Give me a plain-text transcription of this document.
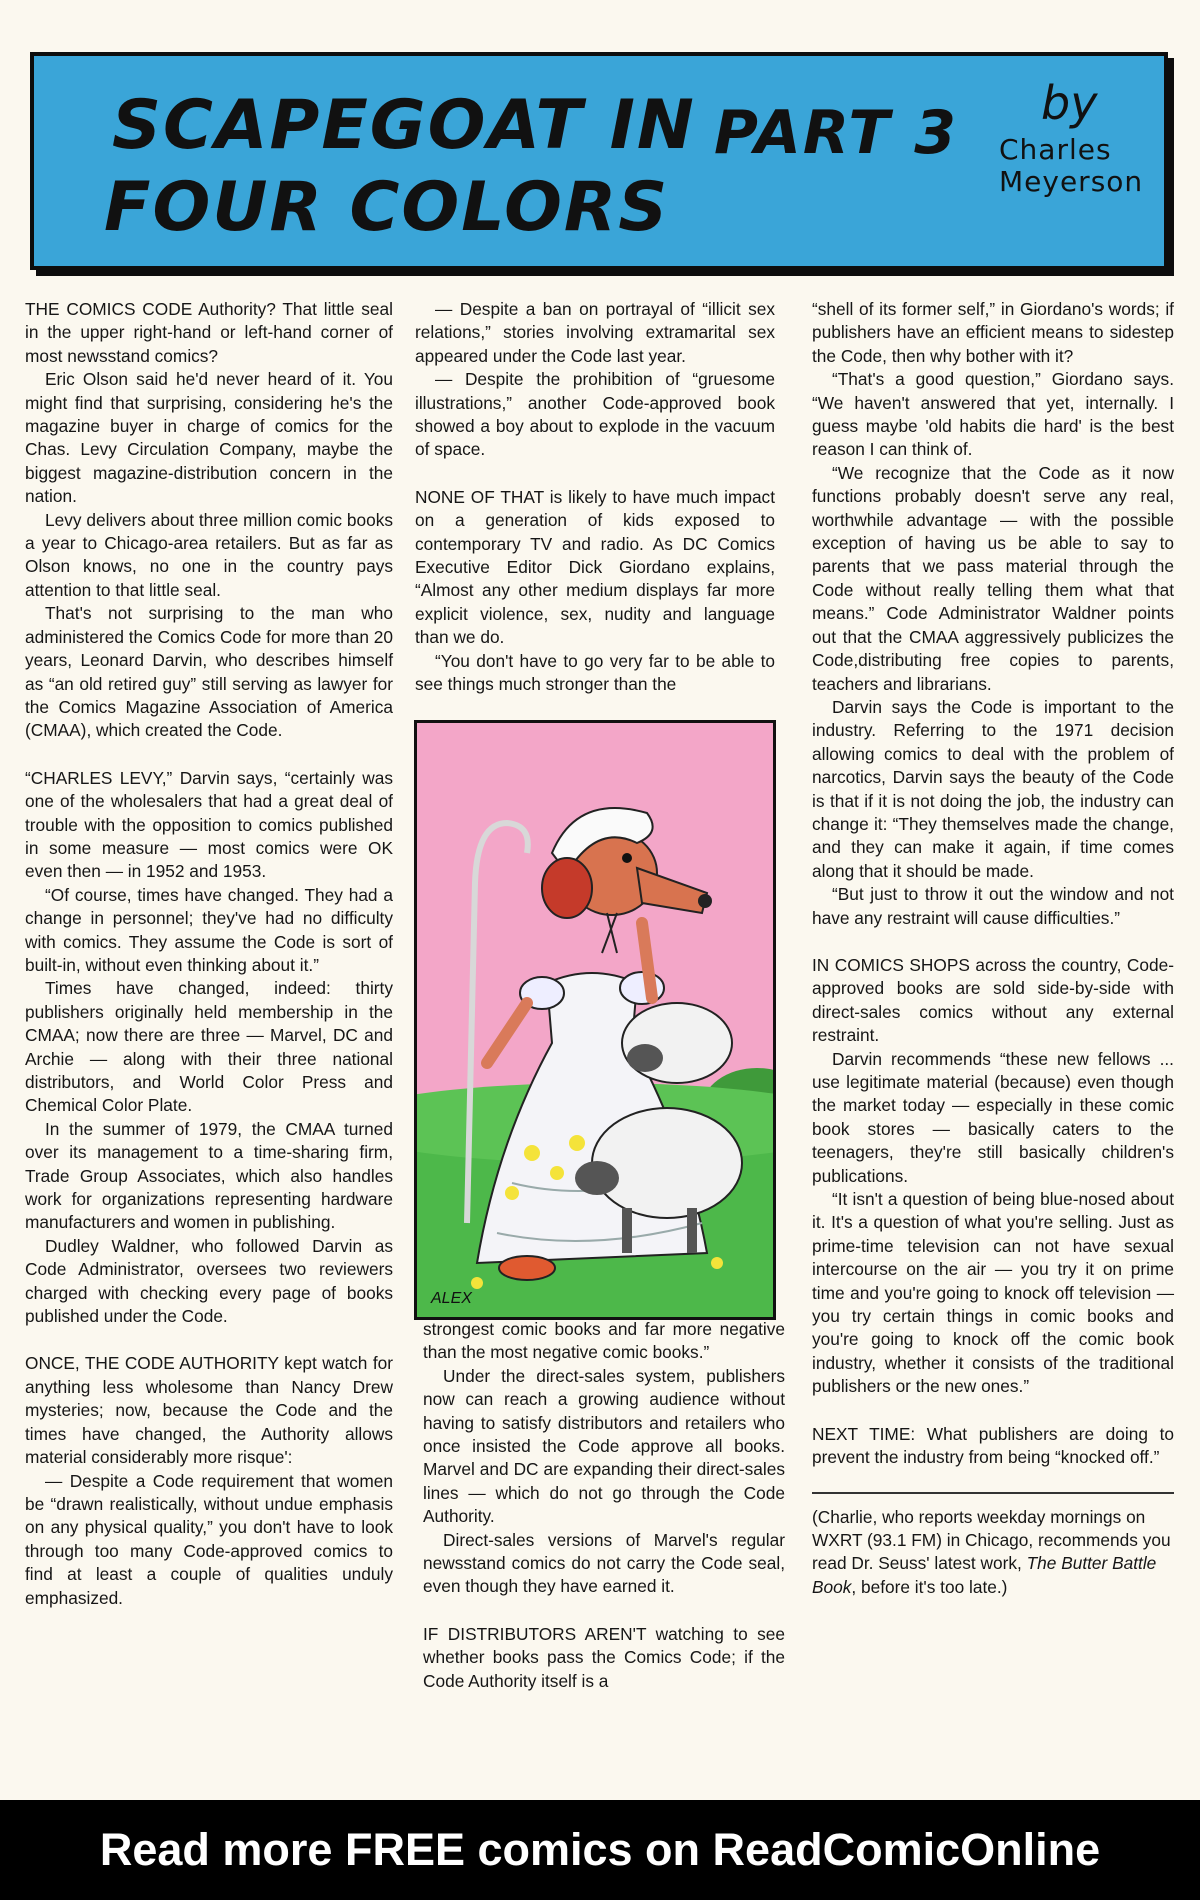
SCAPEGOAT IN
FOUR COLORS
PART 3 by
Charles Meyerson

THE COMICS CODE Authority? That little seal in the upper right-hand or left-hand corner of most newsstand comics?

Eric Olson said he'd never heard of it. You might find that surprising, considering he's the magazine buyer in charge of comics for the Chas. Levy Circulation Company, maybe the biggest magazine-distribution concern in the nation.

Levy delivers about three million comic books a year to Chicago-area retailers. But as far as Olson knows, no one in the country pays attention to that little seal.

That's not surprising to the man who administered the Comics Code for more than 20 years, Leonard Darvin, who describes himself as “an old retired guy” still serving as lawyer for the Comics Magazine Association of America (CMAA), which created the Code.

“CHARLES LEVY,” Darvin says, “certainly was one of the wholesalers that had a great deal of trouble with the opposition to comics published in some measure — most comics were OK even then — in 1952 and 1953.

“Of course, times have changed. They had a change in personnel; they've had no difficulty with comics. They assume the Code is sort of built-in, without even thinking about it.”

Times have changed, indeed: thirty publishers originally held membership in the CMAA; now there are three — Marvel, DC and Archie — along with their three national distributors, and World Color Press and Chemical Color Plate.

In the summer of 1979, the CMAA turned over its management to a time-sharing firm, Trade Group Associates, which also handles work for organizations representing hardware manufacturers and women in publishing.

Dudley Waldner, who followed Darvin as Code Administrator, oversees two reviewers charged with checking every page of books published under the Code.

ONCE, THE CODE AUTHORITY kept watch for anything less wholesome than Nancy Drew mysteries; now, because the Code and the times have changed, the Authority allows material considerably more risque':

— Despite a Code requirement that women be “drawn realistically, without undue emphasis on any physical quality,” you don't have to look through too many Code-approved comics to find at least a couple of qualities unduly emphasized.

— Despite a ban on portrayal of “illicit sex relations,” stories involving extramarital sex appeared under the Code last year.

— Despite the prohibition of “gruesome illustrations,” another Code-approved book showed a boy about to explode in the vacuum of space.

NONE OF THAT is likely to have much impact on a generation of kids exposed to contemporary TV and radio. As DC Comics Executive Editor Dick Giordano explains, “Almost any other medium displays far more explicit violence, sex, nudity and language than we do.

“You don't have to go very far to be able to see things much stronger than the

ALEX

strongest comic books and far more negative than the most negative comic books.”

Under the direct-sales system, publishers now can reach a growing audience without having to satisfy distributors and retailers who once insisted the Code approve all books. Marvel and DC are expanding their direct-sales lines — which do not go through the Code Authority.

Direct-sales versions of Marvel's regular newsstand comics do not carry the Code seal, even though they have earned it.

IF DISTRIBUTORS AREN'T watching to see whether books pass the Comics Code; if the Code Authority itself is a

“shell of its former self,” in Giordano's words; if publishers have an efficient means to sidestep the Code, then why bother with it?

“That's a good question,” Giordano says. “We haven't answered that yet, internally. I guess maybe 'old habits die hard' is the best reason I can think of.

“We recognize that the Code as it now functions probably doesn't serve any real, worthwhile advantage — with the possible exception of having us be able to say to parents that we pass material through the Code without really telling them what that means.” Code Administrator Waldner points out that the CMAA aggressively publicizes the Code,distributing free copies to parents, teachers and librarians.

Darvin says the Code is important to the industry. Referring to the 1971 decision allowing comics to deal with the problem of narcotics, Darvin says the beauty of the Code is that if it is not doing the job, the industry can change it: “They themselves made the change, and they can make it again, if time comes along that it should be made.

“But just to throw it out the window and not have any restraint will cause difficulties.”

IN COMICS SHOPS across the country, Code-approved books are sold side-by-side with direct-sales comics without any external restraint.

Darvin recommends “these new fellows ... use legitimate material (because) even though the market today — especially in these comic book stores — basically caters to the teenagers, they're still basically children's publications.

“It isn't a question of being blue-nosed about it. It's a question of what you're selling. Just as prime-time television can not have sexual intercourse on the air — you try it on prime time and you're going to knock off television — you try certain things in comic books and you're going to knock off the comic book industry, whether it consists of the traditional publishers or the new ones.”

NEXT TIME: What publishers are doing to prevent the industry from being “knocked off.”

(Charlie, who reports weekday mornings on WXRT (93.1 FM) in Chicago, recommends you read Dr. Seuss' latest work, The Butter Battle Book, before it's too late.)

Read more FREE comics on ReadComicOnline
